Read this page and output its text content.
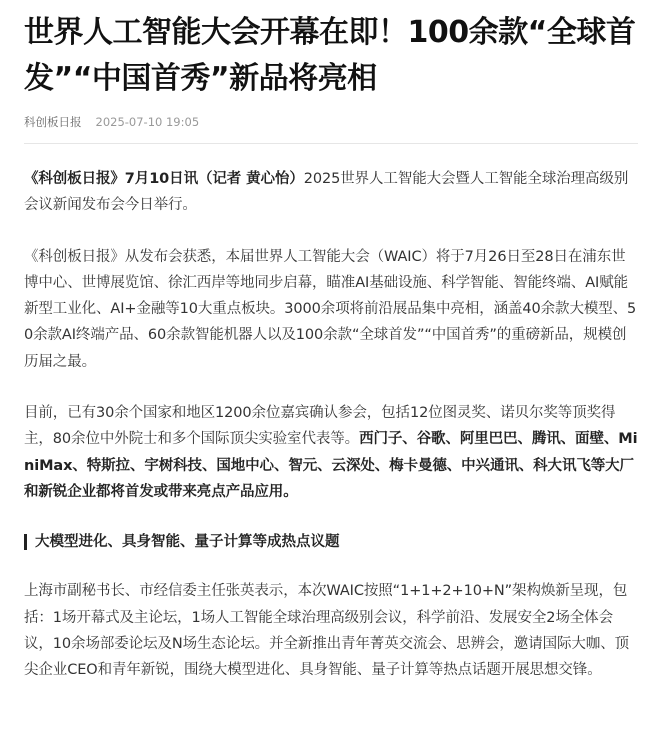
世界人工智能大会开幕在即！100余款“全球首发”“中国首秀”新品将亮相
科创板日报 2025-07-10 19:05

《科创板日报》7月10日讯（记者 黄心怡）2025世界人工智能大会暨人工智能全球治理高级别会议新闻发布会今日举行。

《科创板日报》从发布会获悉，本届世界人工智能大会（WAIC）将于7月26日至28日在浦东世博中心、世博展览馆、徐汇西岸等地同步启幕，瞄准AI基础设施、科学智能、智能终端、AI赋能新型工业化、AI+金融等10大重点板块。3000余项将前沿展品集中亮相，涵盖40余款大模型、50余款AI终端产品、60余款智能机器人以及100余款“全球首发”“中国首秀”的重磅新品，规模创历届之最。

目前，已有30余个国家和地区1200余位嘉宾确认参会，包括12位图灵奖、诺贝尔奖等顶奖得主，80余位中外院士和多个国际顶尖实验室代表等。西门子、谷歌、阿里巴巴、腾讯、面壁、MiniMax、特斯拉、宇树科技、国地中心、智元、云深处、梅卡曼德、中兴通讯、科大讯飞等大厂和新锐企业都将首发或带来亮点产品应用。

大模型进化、具身智能、量子计算等成热点议题

上海市副秘书长、市经信委主任张英表示，本次WAIC按照“1+1+2+10+N”架构焕新呈现，包括：1场开幕式及主论坛，1场人工智能全球治理高级别会议，科学前沿、发展安全2场全体会议，10余场部委论坛及N场生态论坛。并全新推出青年菁英交流会、思辨会，邀请国际大咖、顶尖企业CEO和青年新锐，围绕大模型进化、具身智能、量子计算等热点话题开展思想交锋。
